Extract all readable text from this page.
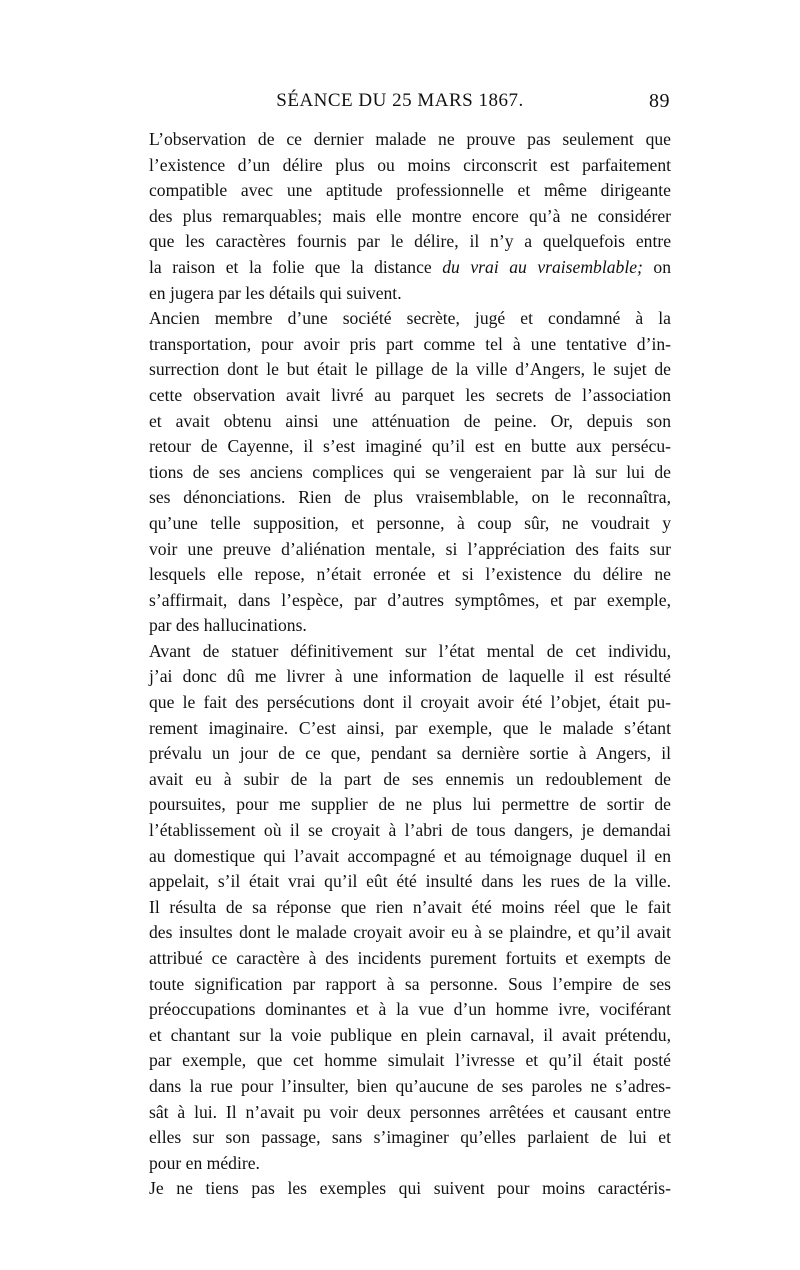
SÉANCE DU 25 MARS 1867.	89
L’observation de ce dernier malade ne prouve pas seulement que
l’existence d’un délire plus ou moins circonscrit est parfaitement
compatible avec une aptitude professionnelle et même dirigeante
des plus remarquables; mais elle montre encore qu’à ne considérer
que les caractères fournis par le délire, il n’y a quelquefois entre
la raison et la folie que la distance du vrai au vraisemblable; on
en jugera par les détails qui suivent.
Ancien membre d’une société secrète, jugé et condamné à la
transportation, pour avoir pris part comme tel à une tentative d’in-
surrection dont le but était le pillage de la ville d’Angers, le sujet de
cette observation avait livré au parquet les secrets de l’association
et avait obtenu ainsi une atténuation de peine. Or, depuis son
retour de Cayenne, il s’est imaginé qu’il est en butte aux persécu-
tions de ses anciens complices qui se vengeraient par là sur lui de
ses dénonciations. Rien de plus vraisemblable, on le reconnaîtra,
qu’une telle supposition, et personne, à coup sûr, ne voudrait y
voir une preuve d’aliénation mentale, si l’appréciation des faits sur
lesquels elle repose, n’était erronée et si l’existence du délire ne
s’affirmait, dans l’espèce, par d’autres symptômes, et par exemple,
par des hallucinations.
Avant de statuer définitivement sur l’état mental de cet individu,
j’ai donc dû me livrer à une information de laquelle il est résulté
que le fait des persécutions dont il croyait avoir été l’objet, était pu-
rement imaginaire. C’est ainsi, par exemple, que le malade s’étant
prévalu un jour de ce que, pendant sa dernière sortie à Angers, il
avait eu à subir de la part de ses ennemis un redoublement de
poursuites, pour me supplier de ne plus lui permettre de sortir de
l’établissement où il se croyait à l’abri de tous dangers, je demandai
au domestique qui l’avait accompagné et au témoignage duquel il en
appelait, s’il était vrai qu’il eût été insulté dans les rues de la ville.
Il résulta de sa réponse que rien n’avait été moins réel que le fait
des insultes dont le malade croyait avoir eu à se plaindre, et qu’il avait
attribué ce caractère à des incidents purement fortuits et exempts de
toute signification par rapport à sa personne. Sous l’empire de ses
préoccupations dominantes et à la vue d’un homme ivre, vociférant
et chantant sur la voie publique en plein carnaval, il avait prétendu,
par exemple, que cet homme simulait l’ivresse et qu’il était posté
dans la rue pour l’insulter, bien qu’aucune de ses paroles ne s’adres-
sât à lui. Il n’avait pu voir deux personnes arrêtées et causant entre
elles sur son passage, sans s’imaginer qu’elles parlaient de lui et
pour en médire.
Je ne tiens pas les exemples qui suivent pour moins caractéris-
